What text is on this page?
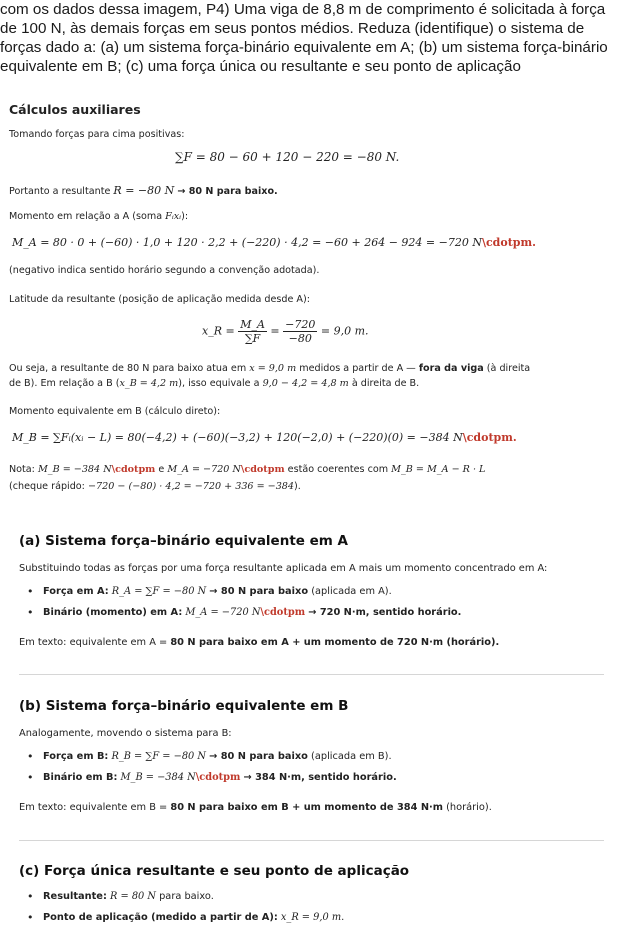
com os dados dessa imagem, P4) Uma viga de 8,8 m de comprimento é solicitada à força
de 100 N, às demais forças em seus pontos médios. Reduza (identifique) o sistema de
forças dado a: (a) um sistema força-binário equivalente em A; (b) um sistema força-binário
equivalente em B; (c) uma força única ou resultante e seu ponto de aplicação
Cálculos auxiliares
Tomando forças para cima positivas:
∑F = 80 − 60 + 120 − 220 = −80 N.
Portanto a resultante R = −80 N → 80 N para baixo.
Momento em relação a A (soma Fᵢxᵢ):
M_A = 80 · 0 + (−60) · 1,0 + 120 · 2,2 + (−220) · 4,2 = −60 + 264 − 924 = −720 N\cdotpm.
(negativo indica sentido horário segundo a convenção adotada).
Latitude da resultante (posição de aplicação medida desde A):
x_R = $\frac{M\_A}{\sum F} = \frac{-720}{-80} = 9,0$ m.
Ou seja, a resultante de 80 N para baixo atua em x = 9,0 m medidos a partir de A — fora da viga (à direita
de B). Em relação a B (x_B = 4,2 m), isso equivale a 9,0 − 4,2 = 4,8 m à direita de B.
Momento equivalente em B (cálculo direto):
M_B = ∑Fᵢ(xᵢ − L) = 80(−4,2) + (−60)(−3,2) + 120(−2,0) + (−220)(0) = −384 N\cdotpm.
Nota: M_B = −384 N\cdotpm e M_A = −720 N\cdotpm estão coerentes com M_B = M_A − R · L
(cheque rápido: −720 − (−80) · 4,2 = −720 + 336 = −384).
(a) Sistema força–binário equivalente em A
Substituindo todas as forças por uma força resultante aplicada em A mais um momento concentrado em A:
• Força em A: R_A = ∑F = −80 N → 80 N para baixo (aplicada em A).
• Binário (momento) em A: M_A = −720 N\cdotpm → 720 N·m, sentido horário.
Em texto: equivalente em A = 80 N para baixo em A + um momento de 720 N·m (horário).
(b) Sistema força–binário equivalente em B
Analogamente, movendo o sistema para B:
• Força em B: R_B = ∑F = −80 N → 80 N para baixo (aplicada em B).
• Binário em B: M_B = −384 N\cdotpm → 384 N·m, sentido horário.
Em texto: equivalente em B = 80 N para baixo em B + um momento de 384 N·m (horário).
(c) Força única resultante e seu ponto de aplicação
• Resultante: R = 80 N para baixo.
• Ponto de aplicação (medido a partir de A): x_R = 9,0 m.
